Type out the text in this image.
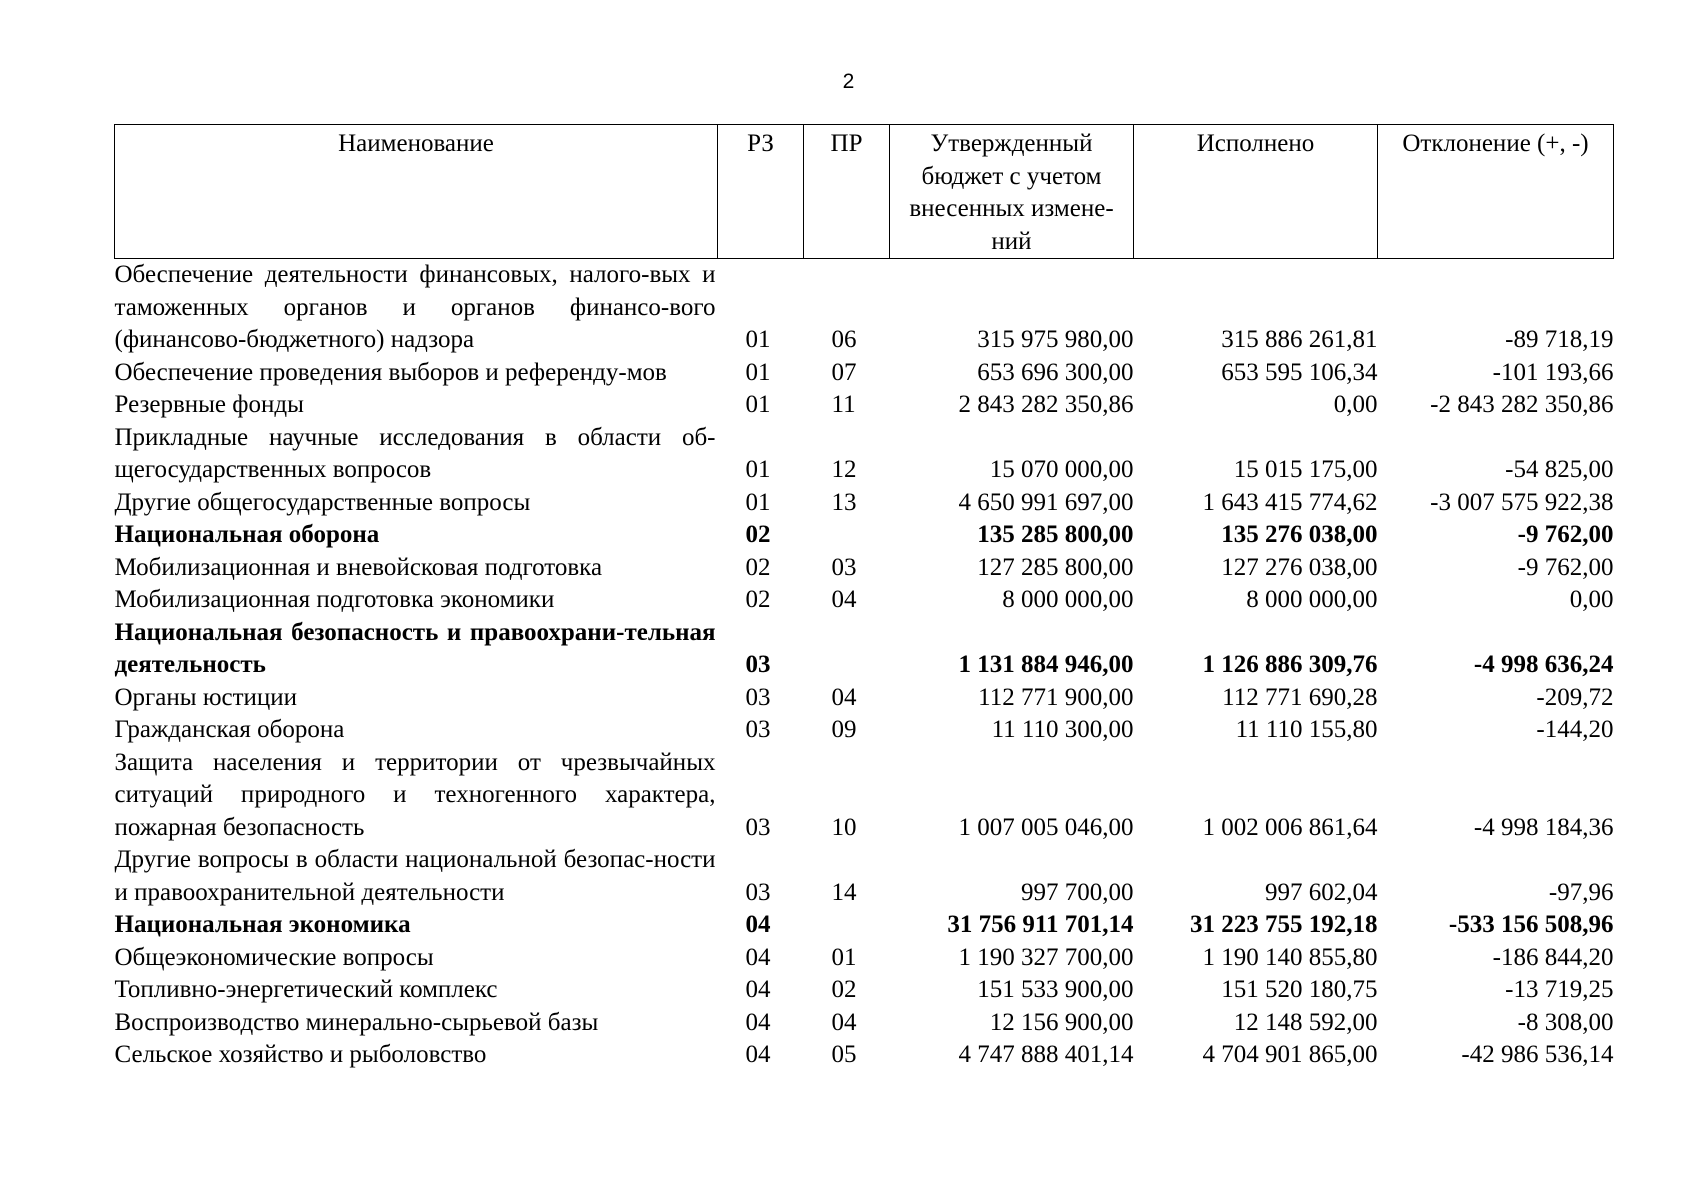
2
Наименование	РЗ	ПР	Утвержденный бюджет с учетом внесенных измене-ний	Исполнено	Отклонение (+, -)
Обеспечение деятельности финансовых, налого-вых и таможенных органов и органов финансо-вого (финансово-бюджетного) надзора	01	06	315 975 980,00	315 886 261,81	-89 718,19
Обеспечение проведения выборов и референду-мов	01	07	653 696 300,00	653 595 106,34	-101 193,66
Резервные фонды	01	11	2 843 282 350,86	0,00	-2 843 282 350,86
Прикладные научные исследования в области об-щегосударственных вопросов	01	12	15 070 000,00	15 015 175,00	-54 825,00
Другие общегосударственные вопросы	01	13	4 650 991 697,00	1 643 415 774,62	-3 007 575 922,38
Национальная оборона	02		135 285 800,00	135 276 038,00	-9 762,00
Мобилизационная и вневойсковая подготовка	02	03	127 285 800,00	127 276 038,00	-9 762,00
Мобилизационная подготовка экономики	02	04	8 000 000,00	8 000 000,00	0,00
Национальная безопасность и правоохрани-тельная деятельность	03		1 131 884 946,00	1 126 886 309,76	-4 998 636,24
Органы юстиции	03	04	112 771 900,00	112 771 690,28	-209,72
Гражданская оборона	03	09	11 110 300,00	11 110 155,80	-144,20
Защита населения и территории от чрезвычайных ситуаций природного и техногенного характера, пожарная безопасность	03	10	1 007 005 046,00	1 002 006 861,64	-4 998 184,36
Другие вопросы в области национальной безопас-ности и правоохранительной деятельности	03	14	997 700,00	997 602,04	-97,96
Национальная экономика	04		31 756 911 701,14	31 223 755 192,18	-533 156 508,96
Общеэкономические вопросы	04	01	1 190 327 700,00	1 190 140 855,80	-186 844,20
Топливно-энергетический комплекс	04	02	151 533 900,00	151 520 180,75	-13 719,25
Воспроизводство минерально-сырьевой базы	04	04	12 156 900,00	12 148 592,00	-8 308,00
Сельское хозяйство и рыболовство	04	05	4 747 888 401,14	4 704 901 865,00	-42 986 536,14
